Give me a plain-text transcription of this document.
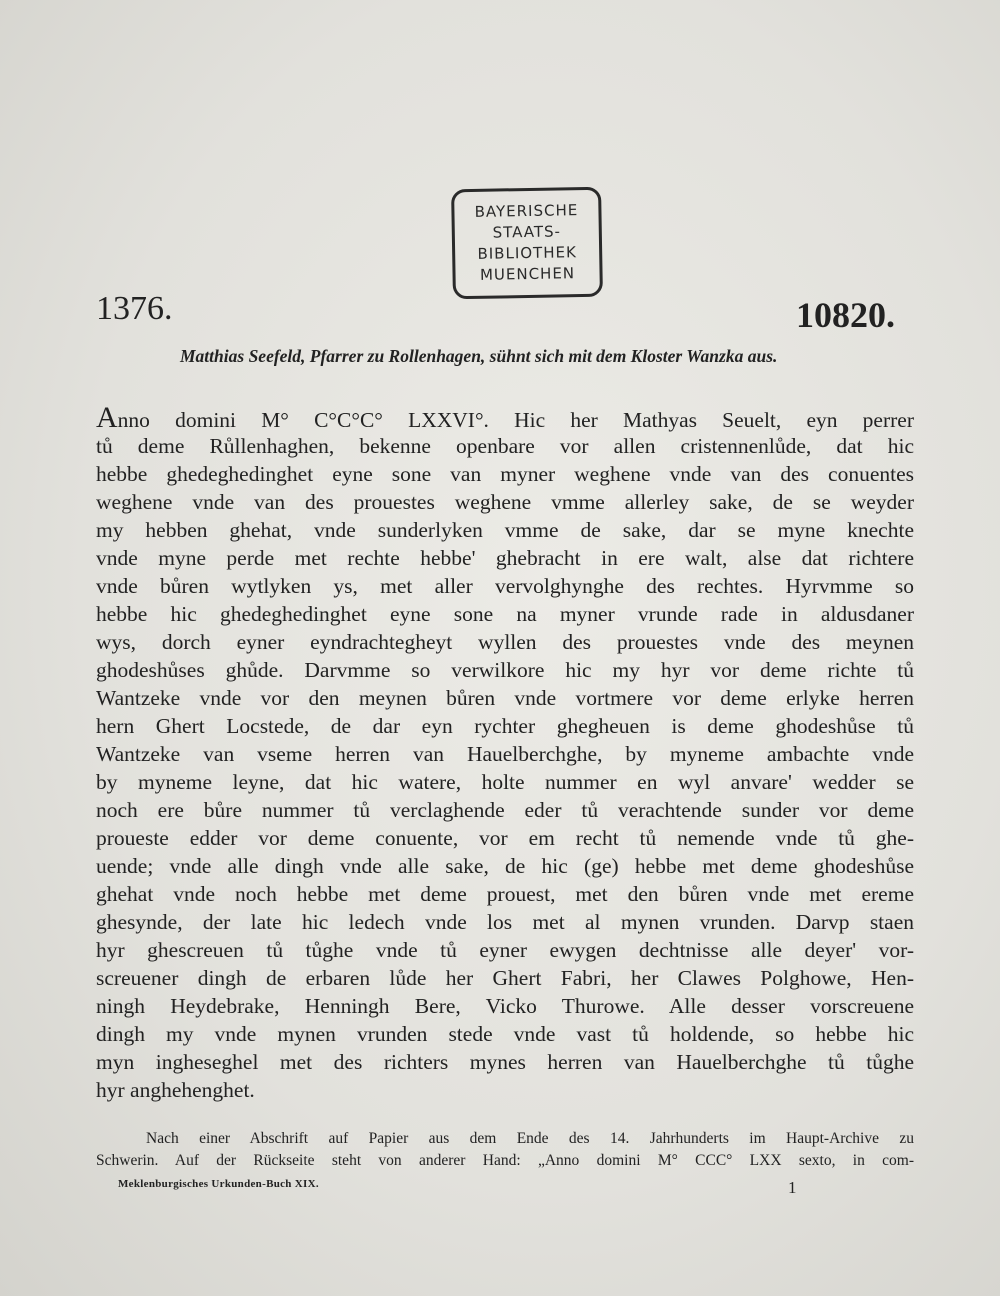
BAYERISCHE
STAATS-
BIBLIOTHEK
MUENCHEN
1376.	10820.
Matthias Seefeld, Pfarrer zu Rollenhagen, sühnt sich mit dem Kloster Wanzka aus.
Anno domini M° C°C°C° LXXVI°. Hic her Mathyas Seuelt, eyn perrer
tů deme Růllenhaghen, bekenne openbare vor allen cristennenlůde, dat hic
hebbe ghedeghedinghet eyne sone van myner weghene vnde van des conuentes
weghene vnde van des prouestes weghene vmme allerley sake, de se weyder
my hebben ghehat, vnde sunderlyken vmme de sake, dar se myne knechte
vnde myne perde met rechte hebbe' ghebracht in ere walt, alse dat richtere
vnde bůren wytlyken ys, met aller vervolghynghe des rechtes. Hyrvmme so
hebbe hic ghedeghedinghet eyne sone na myner vrunde rade in aldusdaner
wys, dorch eyner eyndrachtegheyt wyllen des prouestes vnde des meynen
ghodeshůses ghůde. Darvmme so verwilkore hic my hyr vor deme richte tů
Wantzeke vnde vor den meynen bůren vnde vortmere vor deme erlyke herren
hern Ghert Locstede, de dar eyn rychter ghegheuen is deme ghodeshůse tů
Wantzeke van vseme herren van Hauelberchghe, by myneme ambachte vnde
by myneme leyne, dat hic watere, holte nummer en wyl anvare' wedder se
noch ere bůre nummer tů verclaghende eder tů verachtende sunder vor deme
proueste edder vor deme conuente, vor em recht tů nemende vnde tů ghe-
uende; vnde alle dingh vnde alle sake, de hic (ge) hebbe met deme ghodeshůse
ghehat vnde noch hebbe met deme prouest, met den bůren vnde met ereme
ghesynde, der late hic ledech vnde los met al mynen vrunden. Darvp staen
hyr ghescreuen tů tůghe vnde tů eyner ewygen dechtnisse alle deyer' vor-
screuener dingh de erbaren lůde her Ghert Fabri, her Clawes Polghowe, Hen-
ningh Heydebrake, Henningh Bere, Vicko Thurowe. Alle desser vorscreuene
dingh my vnde mynen vrunden stede vnde vast tů holdende, so hebbe hic
myn ingheseghel met des richters mynes herren van Hauelberchghe tů tůghe
hyr anghehenghet.
Nach einer Abschrift auf Papier aus dem Ende des 14. Jahrhunderts im Haupt-Archive zu
Schwerin. Auf der Rückseite steht von anderer Hand: „Anno domini M° CCC° LXX sexto, in com-
Meklenburgisches Urkunden-Buch XIX.	1
